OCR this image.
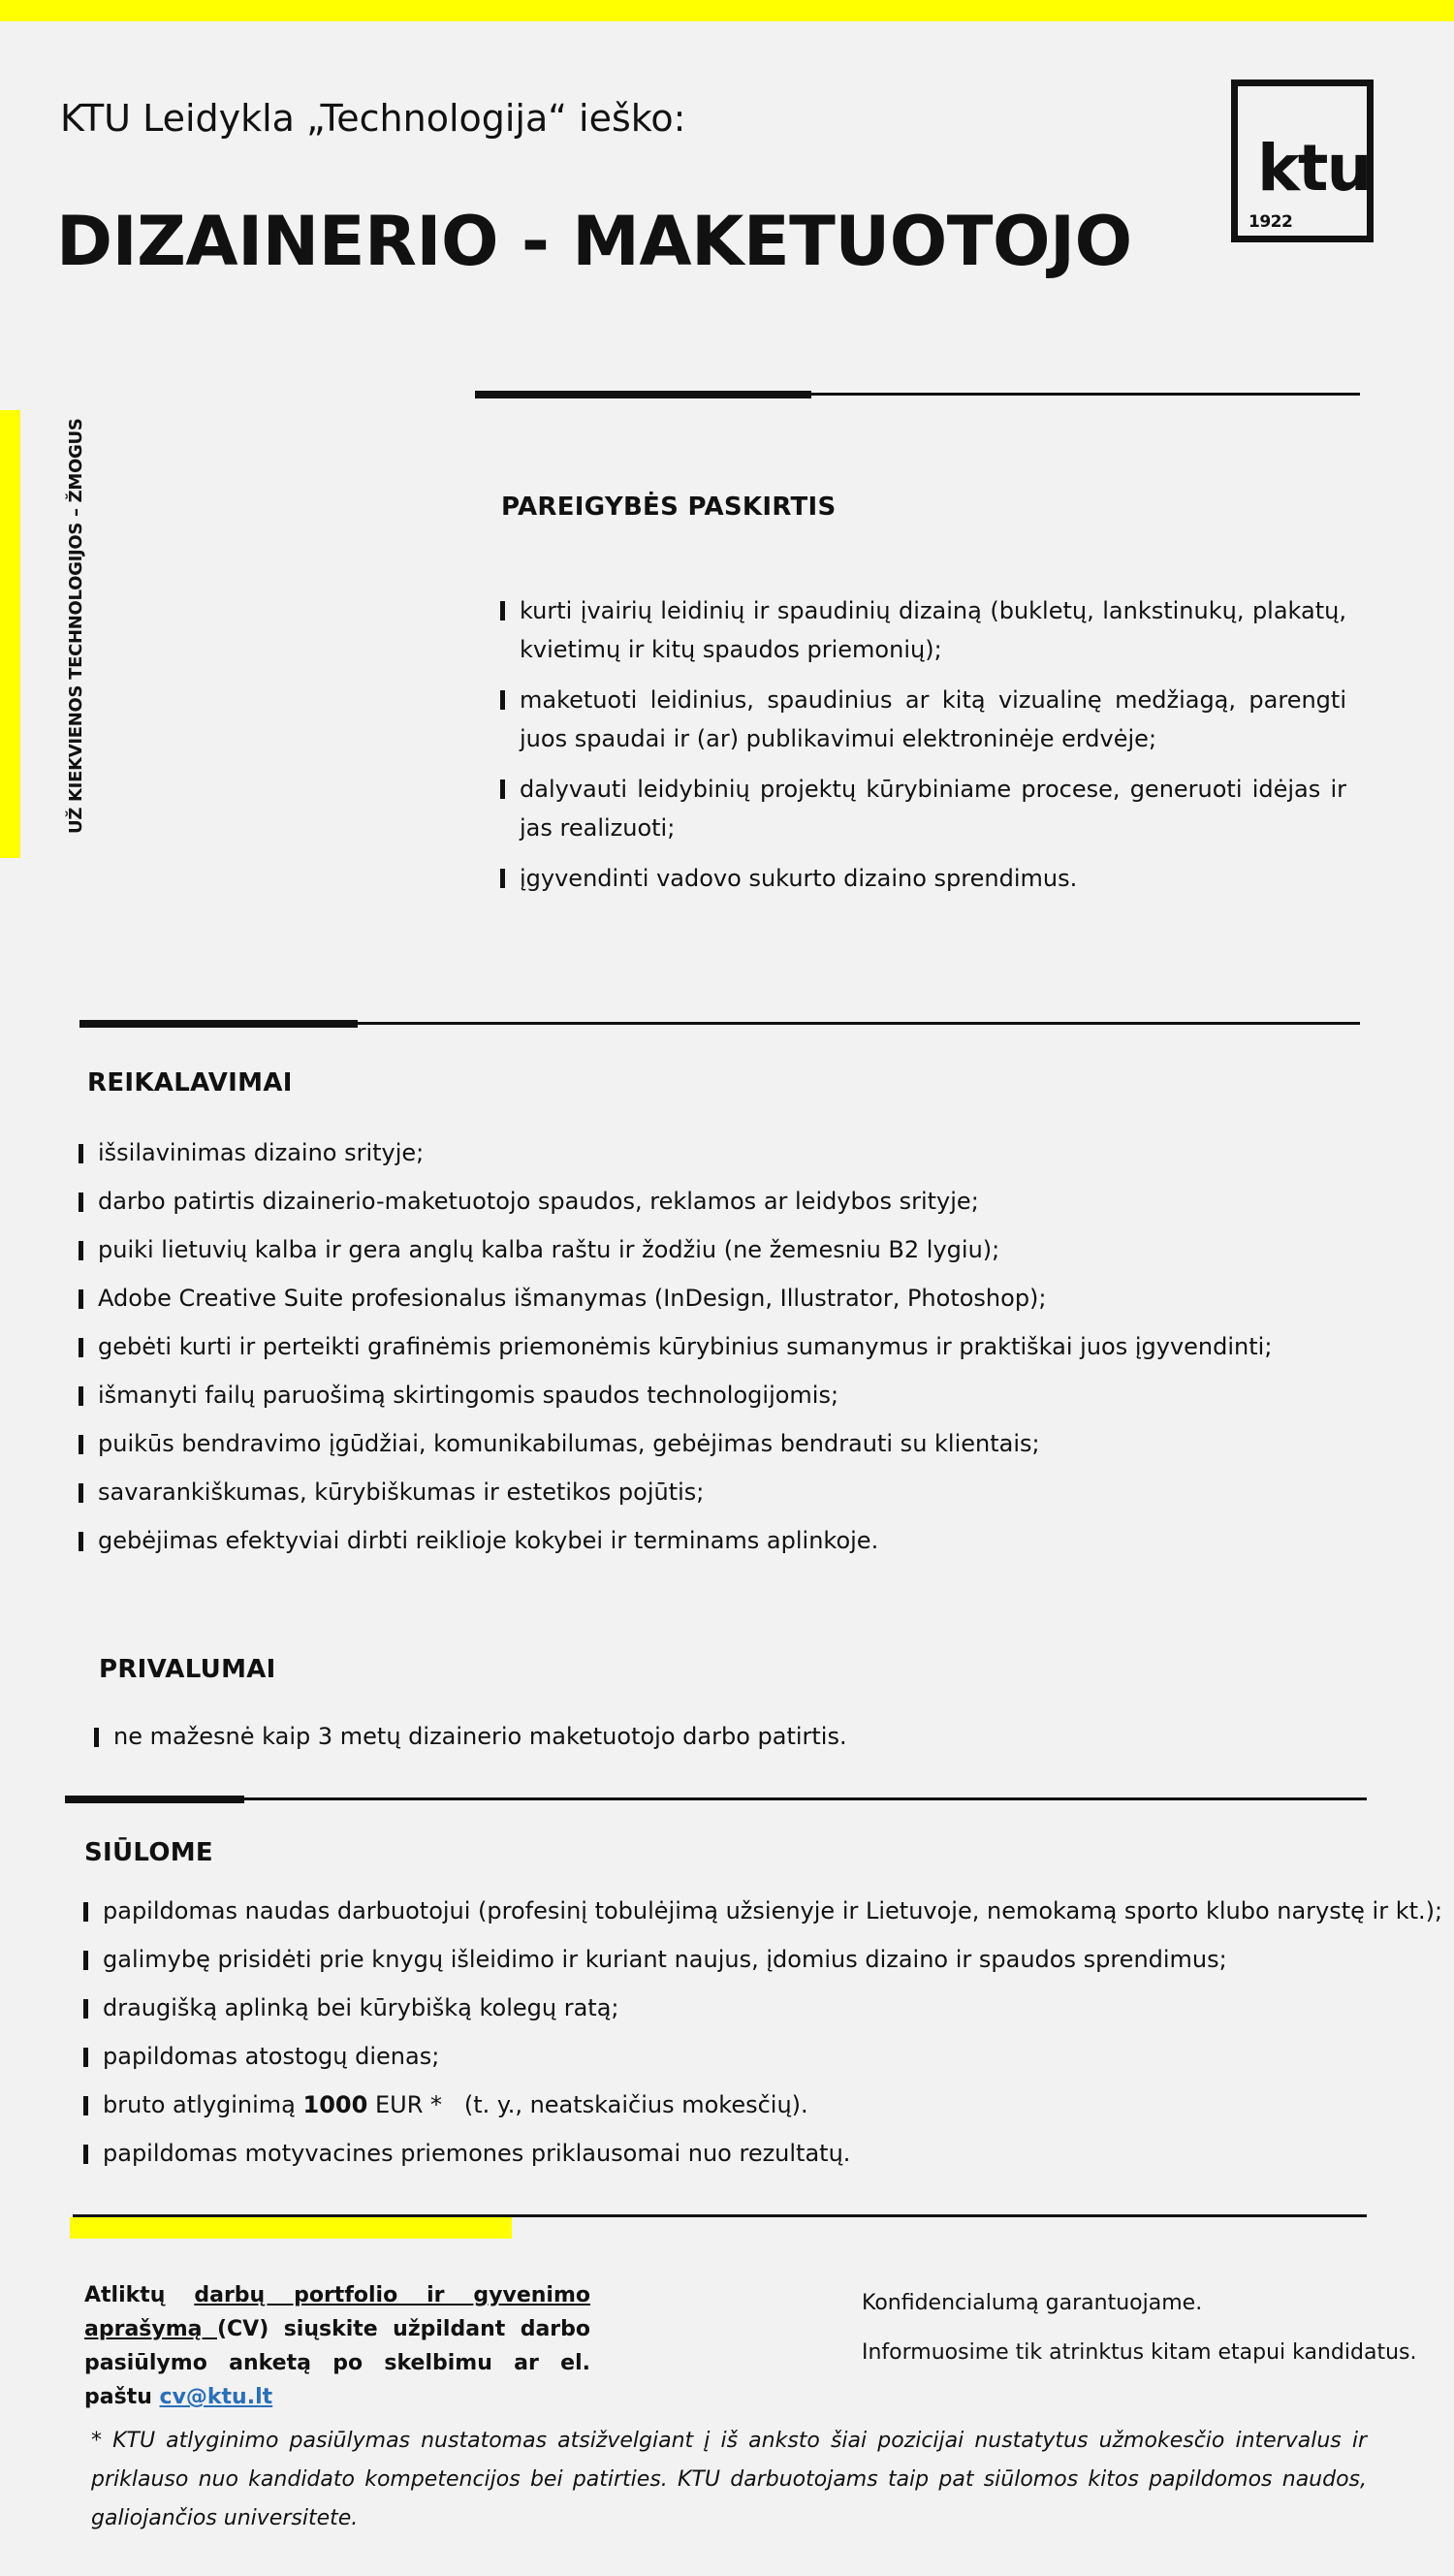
KTU Leidykla „Technologija“ ieško:
DIZAINERIO - MAKETUOTOJO
ktu
1922
UŽ KIEKVIENOS TECHNOLOGIJOS – ŽMOGUS	PAREIGYBĖS PASKIRTIS
kurti įvairių leidinių ir spaudinių dizainą (bukletų, lankstinukų, plakatų, kvietimų ir kitų spaudos priemonių);
maketuoti leidinius, spaudinius ar kitą vizualinę medžiagą, parengti juos spaudai ir (ar) publikavimui elektroninėje erdvėje;
dalyvauti leidybinių projektų kūrybiniame procese, generuoti idėjas ir jas realizuoti;
įgyvendinti vadovo sukurto dizaino sprendimus.
REIKALAVIMAI
išsilavinimas dizaino srityje;
darbo patirtis dizainerio-maketuotojo spaudos, reklamos ar leidybos srityje;
puiki lietuvių kalba ir gera anglų kalba raštu ir žodžiu (ne žemesniu B2 lygiu);
Adobe Creative Suite profesionalus išmanymas (InDesign, Illustrator, Photoshop);
gebėti kurti ir perteikti grafinėmis priemonėmis kūrybinius sumanymus ir praktiškai juos įgyvendinti;
išmanyti failų paruošimą skirtingomis spaudos technologijomis;
puikūs bendravimo įgūdžiai, komunikabilumas, gebėjimas bendrauti su klientais;
savarankiškumas, kūrybiškumas ir estetikos pojūtis;
gebėjimas efektyviai dirbti reiklioje kokybei ir terminams aplinkoje.
PRIVALUMAI
ne mažesnė kaip 3 metų dizainerio maketuotojo darbo patirtis.
SIŪLOME
papildomas naudas darbuotojui (profesinį tobulėjimą užsienyje ir Lietuvoje, nemokamą sporto klubo narystę ir kt.);
galimybę prisidėti prie knygų išleidimo ir kuriant naujus, įdomius dizaino ir spaudos sprendimus;
draugišką aplinką bei kūrybišką kolegų ratą;
papildomas atostogų dienas;
bruto atlyginimą 1000 EUR *   (t. y., neatskaičius mokesčių).
papildomas motyvacines priemones priklausomai nuo rezultatų.
Atliktų darbų portfolio ir gyvenimo aprašymą (CV) siųskite užpildant darbo pasiūlymo anketą po skelbimu ar el. paštu cv@ktu.lt
Konfidencialumą garantuojame.
Informuosime tik atrinktus kitam etapui kandidatus.
* KTU atlyginimo pasiūlymas nustatomas atsižvelgiant į iš anksto šiai pozicijai nustatytus užmokesčio intervalus ir priklauso nuo kandidato kompetencijos bei patirties. KTU darbuotojams taip pat siūlomos kitos papildomos naudos, galiojančios universitete.
